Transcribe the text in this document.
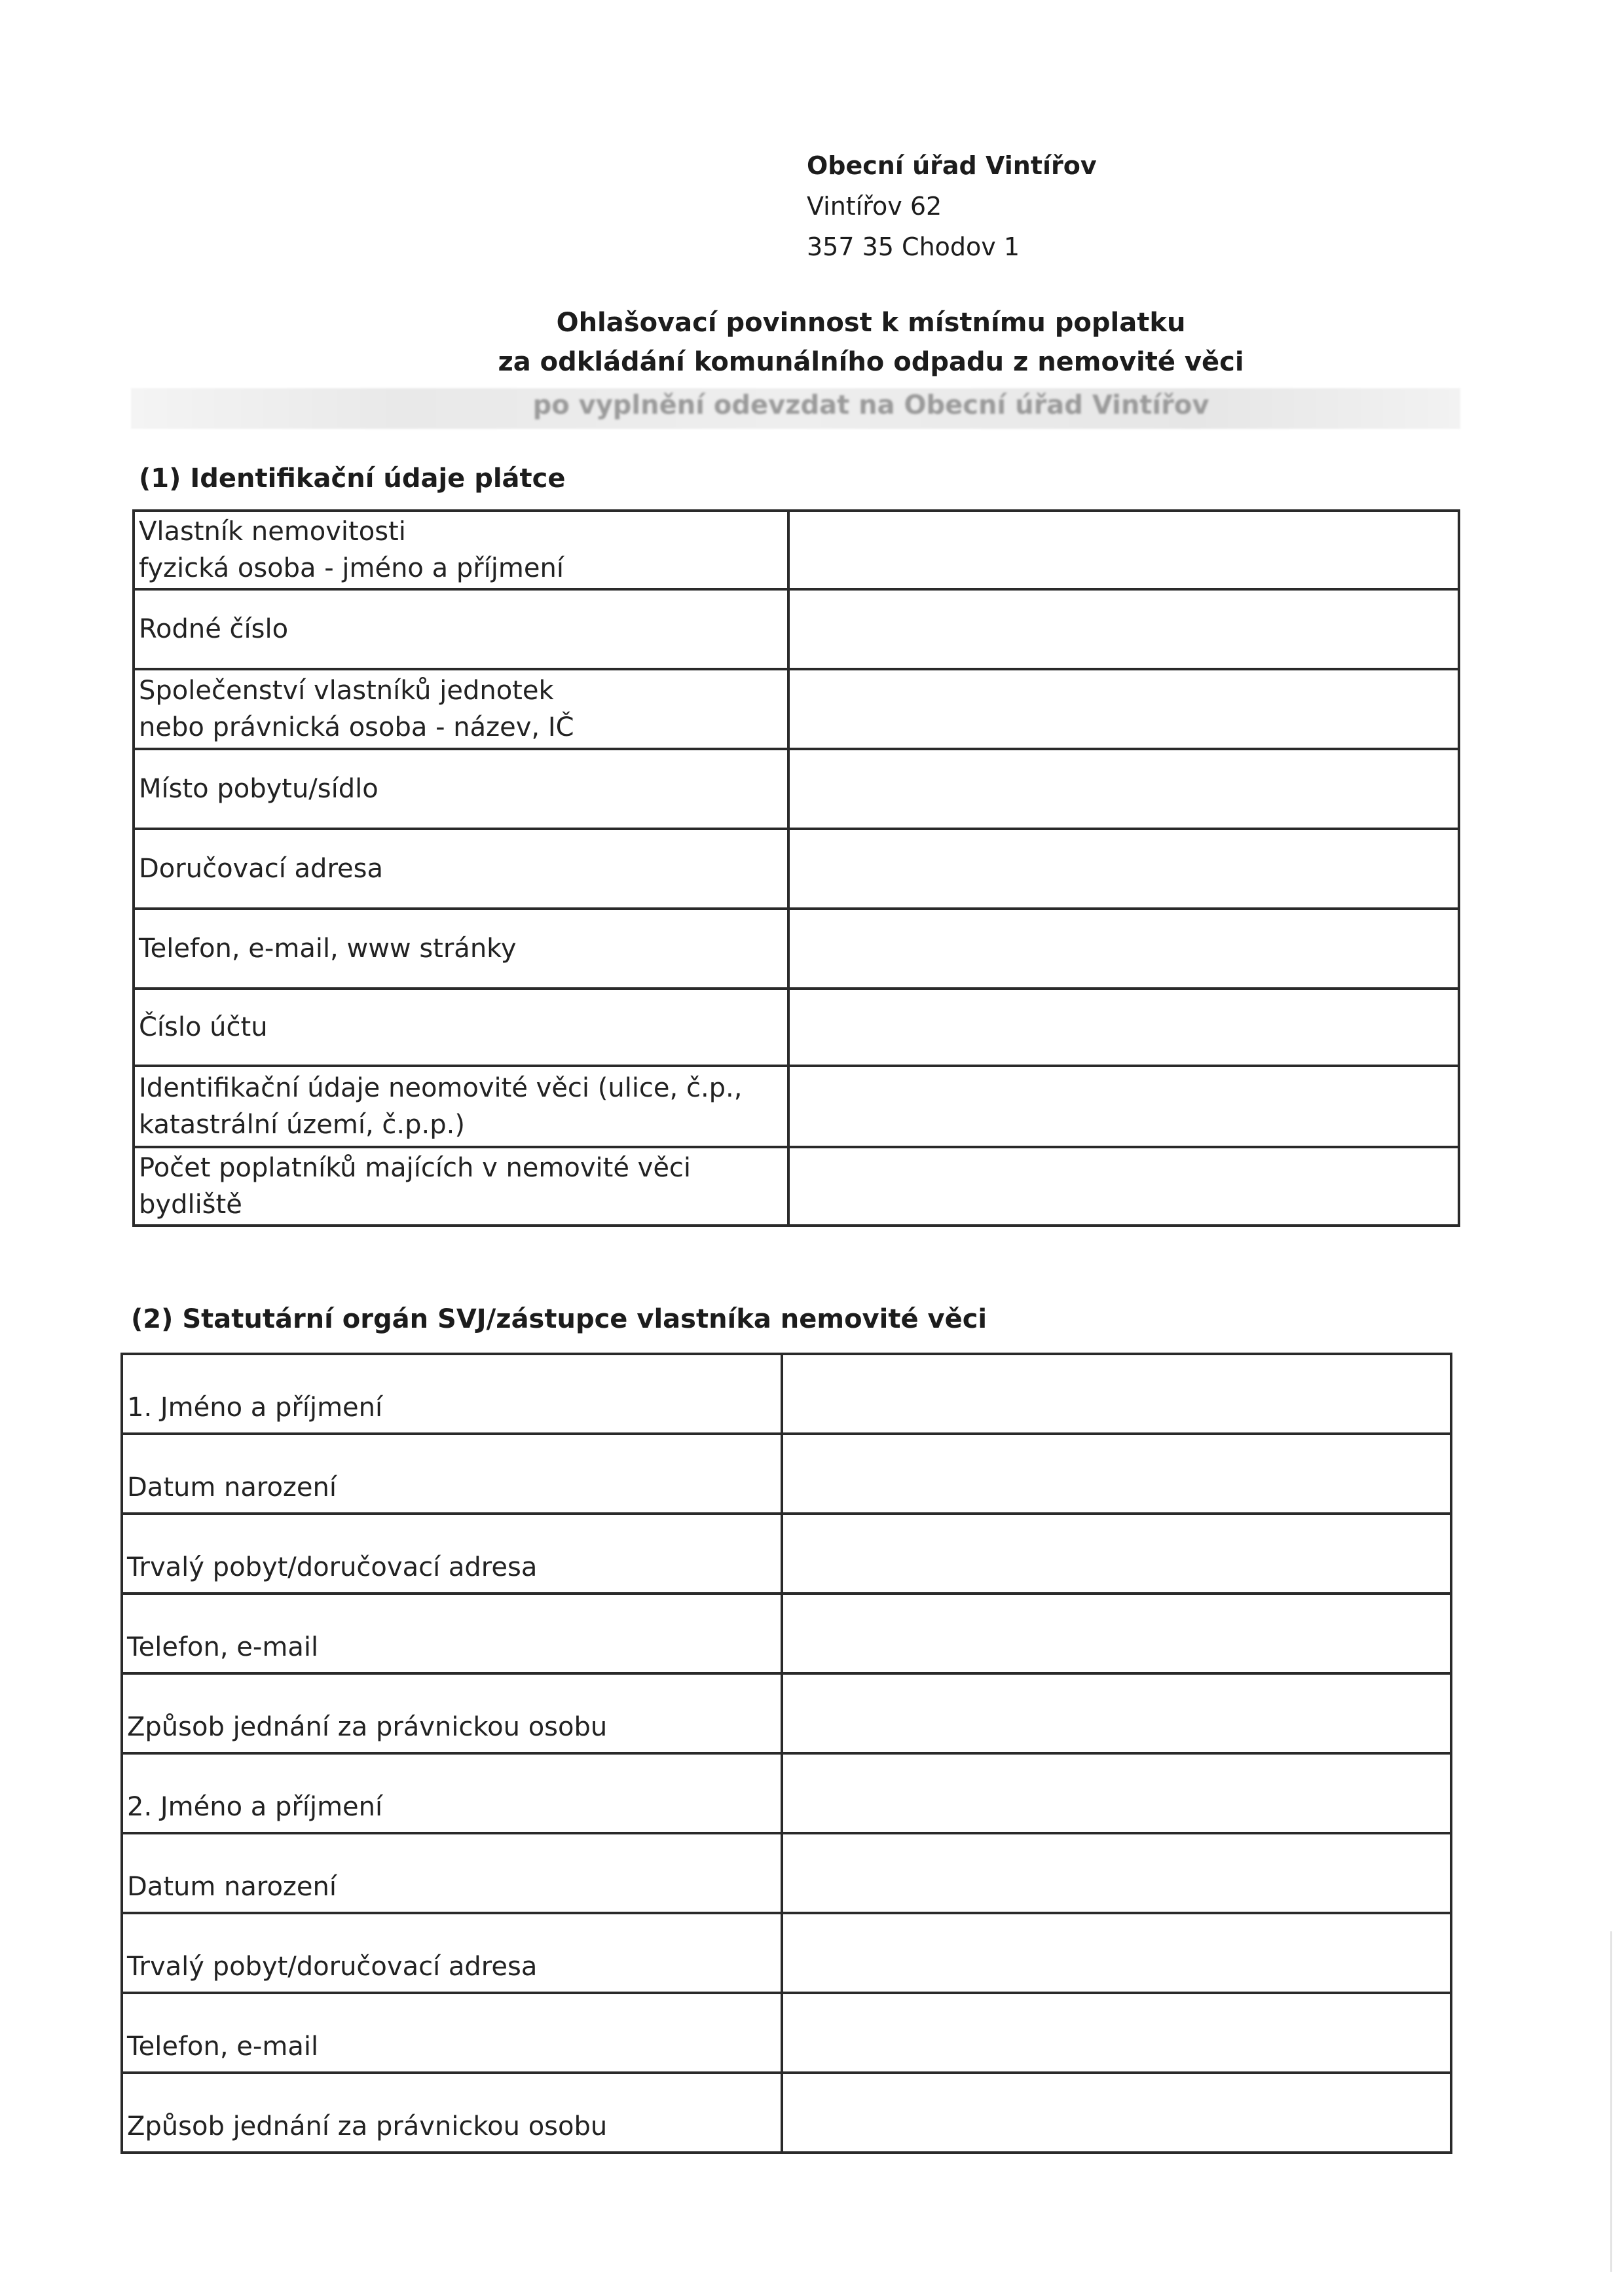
Obecní úřad Vintířov
Vintířov 62
357 35 Chodov 1
Ohlašovací povinnost k místnímu poplatku
za odkládání komunálního odpadu z nemovité věci
po vyplnění odevzdat na Obecní úřad Vintířov
(1) Identifikační údaje plátce
Vlastník nemovitosti
fyzická osoba - jméno a příjmení	

Rodné číslo	

Společenství vlastníků jednotek
nebo právnická osoba - název, IČ	

Místo pobytu/sídlo	

Doručovací adresa	

Telefon, e-mail, www stránky	

Číslo účtu	

Identifikační údaje neomovité věci (ulice, č.p.,
katastrální území, č.p.p.)	

Počet poplatníků majících v nemovité věci bydliště	

(2) Statutární orgán SVJ/zástupce vlastníka nemovité věci
1. Jméno a příjmení	
Datum narození	
Trvalý pobyt/doručovací adresa	
Telefon, e-mail	
Způsob jednání za právnickou osobu	
2. Jméno a příjmení	
Datum narození	
Trvalý pobyt/doručovací adresa	
Telefon, e-mail	
Způsob jednání za právnickou osobu	
